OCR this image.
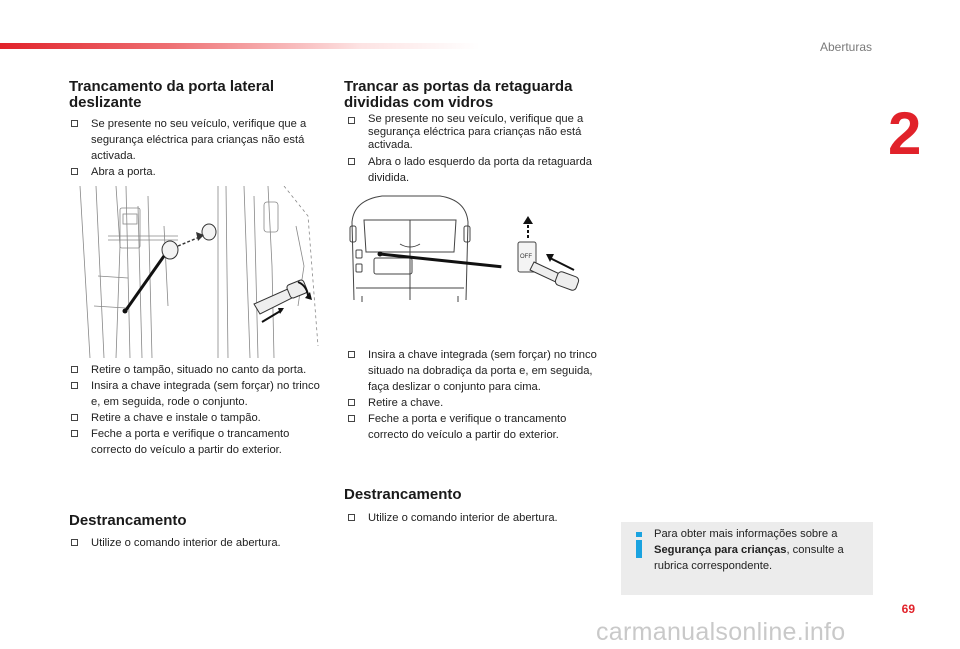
Aberturas
2
Trancamento da porta lateral deslizante
Se presente no seu veículo, verifique que a segurança eléctrica para crianças não está activada.
Abra a porta.
Retire o tampão, situado no canto da porta.
Insira a chave integrada (sem forçar) no trinco e, em seguida, rode o conjunto.
Retire a chave e instale o tampão.
Feche a porta e verifique o trancamento correcto do veículo a partir do exterior.
Destrancamento
Utilize o comando interior de abertura.
Trancar as portas da retaguarda divididas com vidros
Se presente no seu veículo, verifique que a segurança eléctrica para crianças não está activada.
Abra o lado esquerdo da porta da retaguarda dividida.
OFF
Insira a chave integrada (sem forçar) no trinco situado na dobradiça da porta e, em seguida, faça deslizar o conjunto para cima.
Retire a chave.
Feche a porta e verifique o trancamento correcto do veículo a partir do exterior.
Destrancamento
Utilize o comando interior de abertura.
Para obter mais informações sobre a
Segurança para crianças, consulte a rubrica correspondente.
69
carmanualsonline.info
